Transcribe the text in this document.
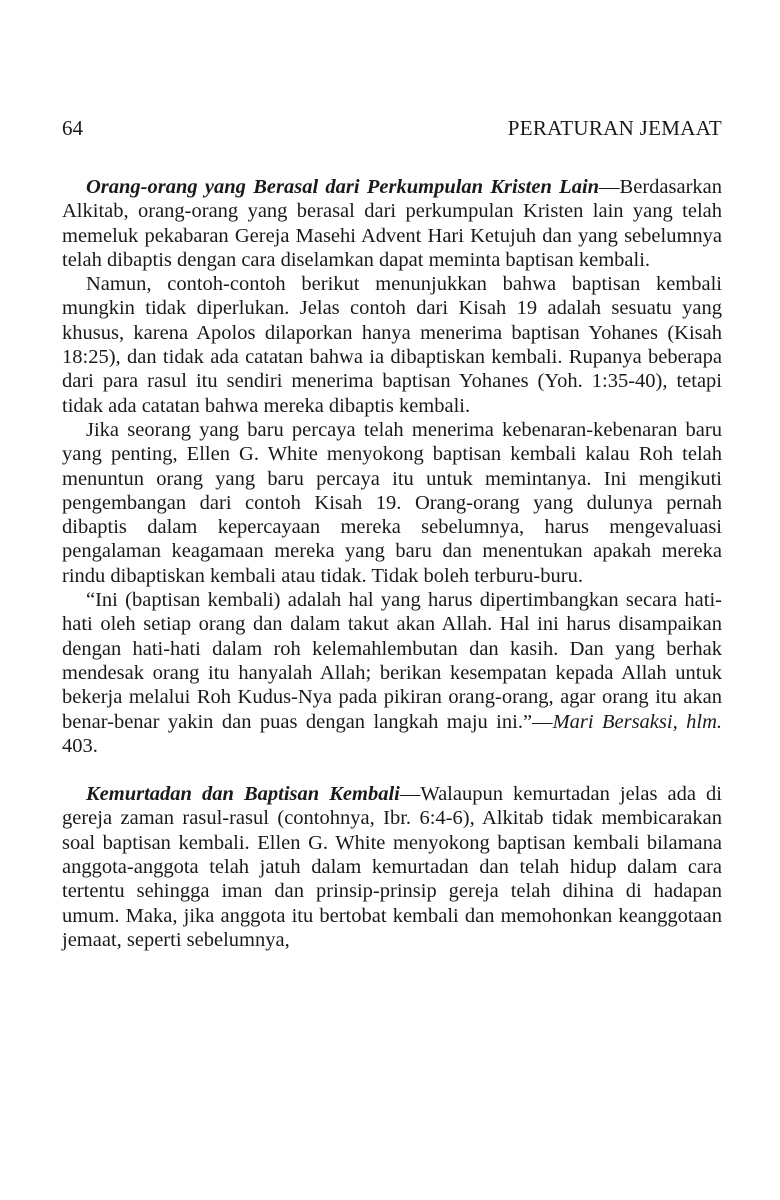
64	PERATURAN JEMAAT

Orang-orang yang Berasal dari Perkumpulan Kristen Lain—Berdasarkan Alkitab, orang-orang yang berasal dari perkumpulan Kristen lain yang telah memeluk pekabaran Gereja Masehi Advent Hari Ketujuh dan yang sebelumnya telah dibaptis dengan cara diselamkan dapat meminta baptisan kembali.

Namun, contoh-contoh berikut menunjukkan bahwa baptisan kembali mungkin tidak diperlukan. Jelas contoh dari Kisah 19 adalah sesuatu yang khusus, karena Apolos dilaporkan hanya menerima baptisan Yohanes (Kisah 18:25), dan tidak ada catatan bahwa ia dibaptiskan kembali. Rupanya beberapa dari para rasul itu sendiri menerima baptisan Yohanes (Yoh. 1:35-40), tetapi tidak ada catatan bahwa mereka dibaptis kembali.

Jika seorang yang baru percaya telah menerima kebenaran-kebenaran baru yang penting, Ellen G. White menyokong baptisan kembali kalau Roh telah menuntun orang yang baru percaya itu untuk memintanya. Ini mengikuti pengembangan dari contoh Kisah 19. Orang-orang yang dulunya pernah dibaptis dalam kepercayaan mereka sebelumnya, harus mengevaluasi pengalaman keagamaan mereka yang baru dan menentukan apakah mereka rindu dibaptiskan kembali atau tidak. Tidak boleh terburu-buru.

“Ini (baptisan kembali) adalah hal yang harus dipertimbangkan secara hati-hati oleh setiap orang dan dalam takut akan Allah. Hal ini harus disampaikan dengan hati-hati dalam roh kelemahlembutan dan kasih. Dan yang berhak mendesak orang itu hanyalah Allah; berikan kesempatan kepada Allah untuk bekerja melalui Roh Kudus-Nya pada pikiran orang-orang, agar orang itu akan benar-benar yakin dan puas dengan langkah maju ini.”—Mari Bersaksi, hlm. 403.

Kemurtadan dan Baptisan Kembali—Walaupun kemurtadan jelas ada di gereja zaman rasul-rasul (contohnya, Ibr. 6:4-6), Alkitab tidak membicarakan soal baptisan kembali. Ellen G. White menyokong baptisan kembali bilamana anggota-anggota telah jatuh dalam kemurtadan dan telah hidup dalam cara tertentu sehingga iman dan prinsip-prinsip gereja telah dihina di hadapan umum. Maka, jika anggota itu bertobat kembali dan memohonkan keanggotaan jemaat, seperti sebelumnya,
